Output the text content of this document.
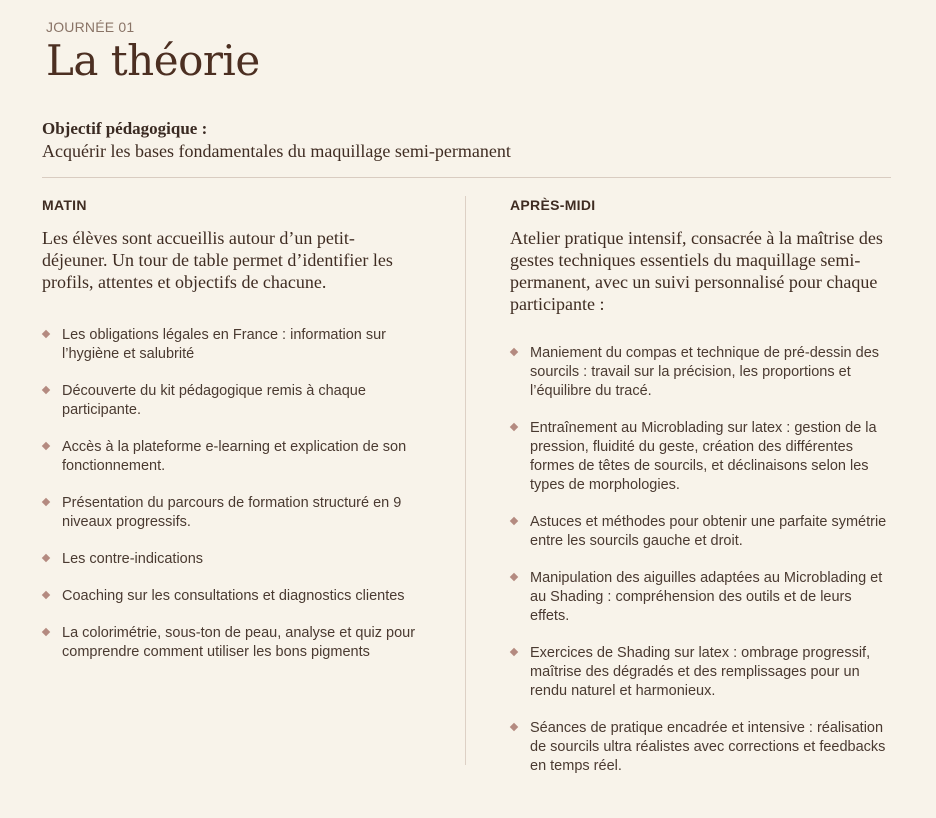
JOURNÉE 01
La théorie
Objectif pédagogique :
Acquérir les bases fondamentales du maquillage semi-permanent
MATIN
Les élèves sont accueillis autour d’un petit-déjeuner. Un tour de table permet d’identifier les profils, attentes et objectifs de chacune.
Les obligations légales en France : information sur l’hygiène et salubrité
Découverte du kit pédagogique remis à chaque participante.
Accès à la plateforme e-learning et explication de son fonctionnement.
Présentation du parcours de formation structuré en 9 niveaux progressifs.
Les contre-indications
Coaching sur les consultations et diagnostics clientes
La colorimétrie, sous-ton de peau, analyse et quiz pour comprendre comment utiliser les bons pigments
APRÈS-MIDI
Atelier pratique intensif, consacrée à la maîtrise des gestes techniques essentiels du maquillage semi-permanent, avec un suivi personnalisé pour chaque participante :
Maniement du compas et technique de pré-dessin des sourcils : travail sur la précision, les proportions et l’équilibre du tracé.
Entraînement au Microblading sur latex : gestion de la pression, fluidité du geste, création des différentes formes de têtes de sourcils, et déclinaisons selon les types de morphologies.
Astuces et méthodes pour obtenir une parfaite symétrie entre les sourcils gauche et droit.
Manipulation des aiguilles adaptées au Microblading et au Shading : compréhension des outils et de leurs effets.
Exercices de Shading sur latex : ombrage progressif, maîtrise des dégradés et des remplissages pour un rendu naturel et harmonieux.
Séances de pratique encadrée et intensive : réalisation de sourcils ultra réalistes avec corrections et feedbacks en temps réel.
